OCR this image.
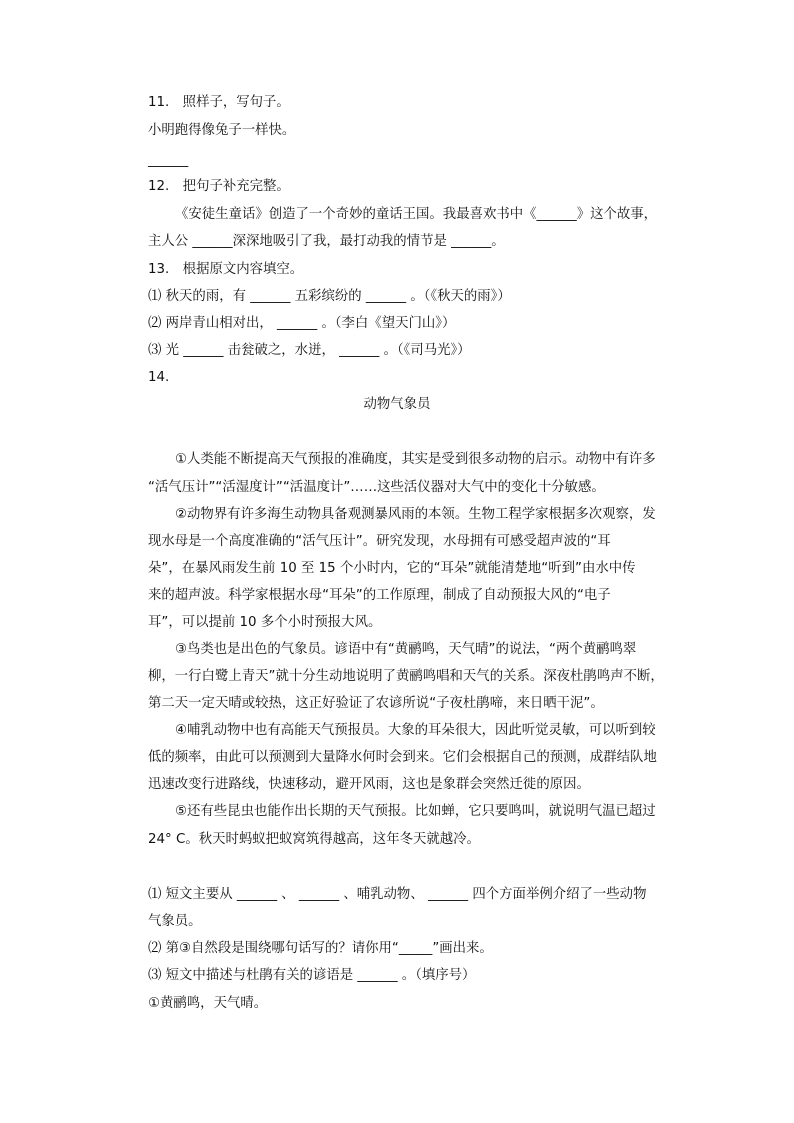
11.　照样子，写句子。
小明跑得像兔子一样快。
______
12.　把句子补充完整。
《安徒生童话》创造了一个奇妙的童话王国。我最喜欢书中《______》这个故事，
主人公 ______深深地吸引了我，最打动我的情节是 ______。
13.　根据原文内容填空。
⑴ 秋天的雨，有 ______ 五彩缤纷的 ______ 。（《秋天的雨》）
⑵ 两岸青山相对出， ______ 。（李白《望天门山》）
⑶ 光 ______ 击瓮破之，水迸， ______ 。（《司马光》）
14.
动物气象员
①人类能不断提高天气预报的准确度，其实是受到很多动物的启示。动物中有许多
“活气压计”“活湿度计”“活温度计”……这些活仪器对大气中的变化十分敏感。
②动物界有许多海生动物具备观测暴风雨的本领。生物工程学家根据多次观察，发
现水母是一个高度准确的“活气压计”。研究发现，水母拥有可感受超声波的“耳
朵”，在暴风雨发生前 10 至 15 个小时内，它的“耳朵”就能清楚地“听到”由水中传
来的超声波。科学家根据水母“耳朵”的工作原理，制成了自动预报大风的“电子
耳”，可以提前 10 多个小时预报大风。
③鸟类也是出色的气象员。谚语中有“黄鹂鸣，天气晴”的说法，“两个黄鹂鸣翠
柳，一行白鹭上青天”就十分生动地说明了黄鹂鸣唱和天气的关系。深夜杜鹃鸣声不断，
第二天一定天晴或较热，这正好验证了农谚所说“子夜杜鹃啼，来日晒干泥”。
④哺乳动物中也有高能天气预报员。大象的耳朵很大，因此听觉灵敏，可以听到较
低的频率，由此可以预测到大量降水何时会到来。它们会根据自己的预测，成群结队地
迅速改变行进路线，快速移动，避开风雨，这也是象群会突然迁徙的原因。
⑤还有些昆虫也能作出长期的天气预报。比如蝉，它只要鸣叫，就说明气温已超过
24° C。秋天时蚂蚁把蚁窝筑得越高，这年冬天就越冷。
⑴ 短文主要从 ______ 、 ______ 、哺乳动物、 ______ 四个方面举例介绍了一些动物
气象员。
⑵ 第③自然段是围绕哪句话写的？请你用“_____”画出来。
⑶ 短文中描述与杜鹃有关的谚语是 ______ 。（填序号）
①黄鹂鸣，天气晴。
